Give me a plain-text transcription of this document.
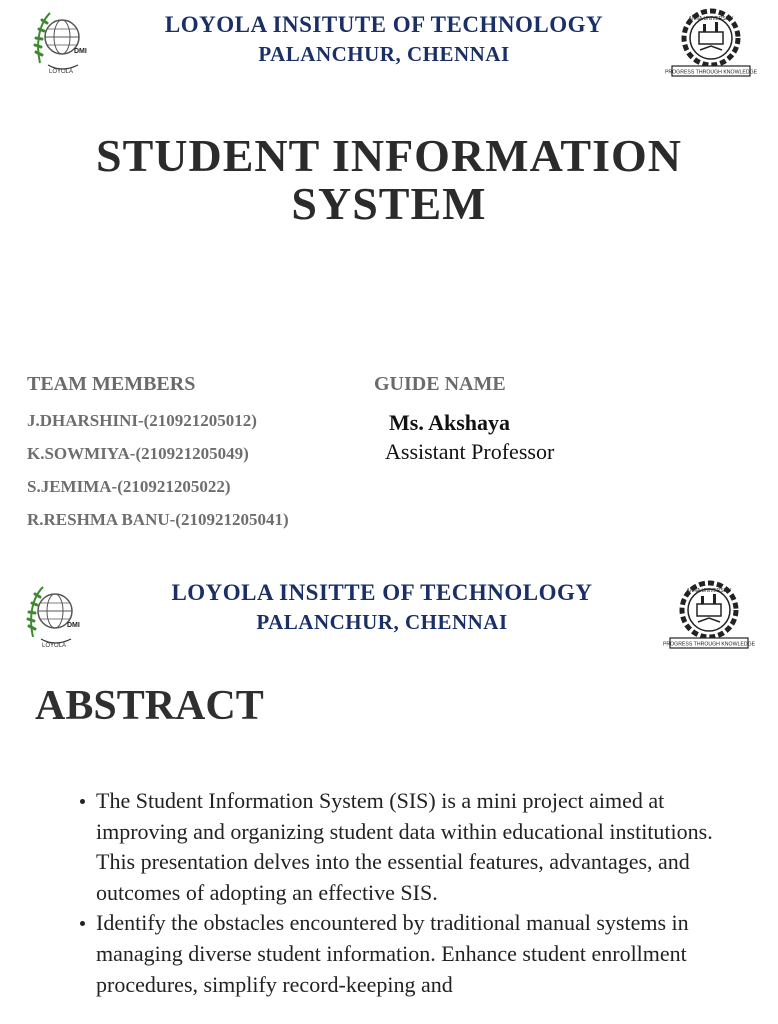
LOYOLA
DMI
LOYOLA INSITUTE OF TECHNOLOGY
PALANCHUR, CHENNAI
ANNA UNIVERSITY
PROGRESS THROUGH KNOWLEDGE
STUDENT INFORMATION
SYSTEM
TEAM MEMBERS
J.DHARSHINI-(210921205012)
K.SOWMIYA-(210921205049)
S.JEMIMA-(210921205022)
R.RESHMA BANU-(210921205041)
GUIDE NAME
Ms. Akshaya
Assistant Professor
LOYOLA
DMI
LOYOLA INSITTE OF TECHNOLOGY
PALANCHUR, CHENNAI
ANNA UNIVERSITY
PROGRESS THROUGH KNOWLEDGE
ABSTRACT
The Student Information System (SIS) is a mini project aimed at improving and organizing student data within educational institutions. This presentation delves into the essential features, advantages, and outcomes of adopting an effective SIS.
Identify the obstacles encountered by traditional manual systems in managing diverse student information. Enhance student enrollment procedures, simplify record-keeping and
